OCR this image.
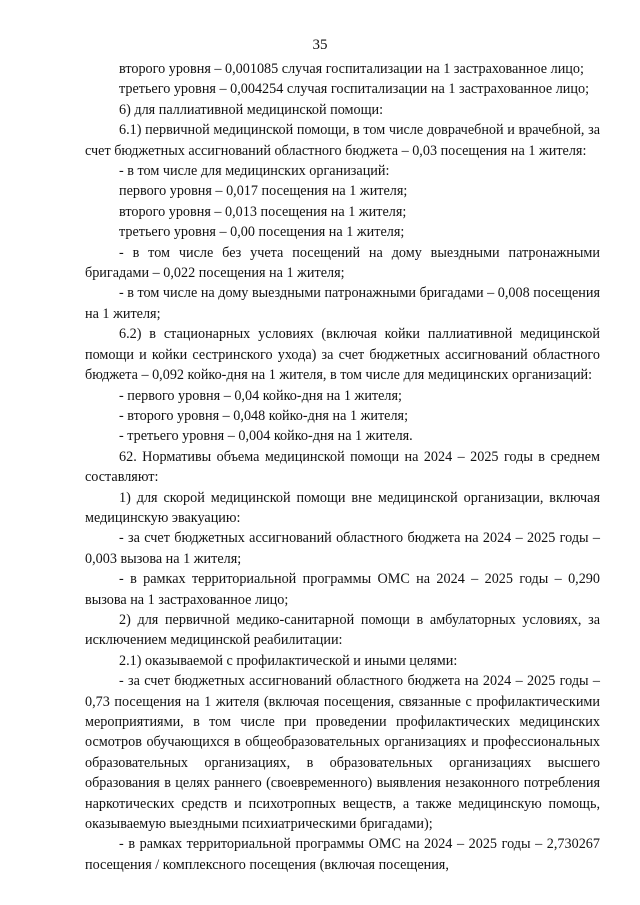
35

второго уровня – 0,001085 случая госпитализации на 1 застрахованное лицо;

третьего уровня – 0,004254 случая госпитализации на 1 застрахованное лицо;

6) для паллиативной медицинской помощи:

6.1) первичной медицинской помощи, в том числе доврачебной и врачебной, за счет бюджетных ассигнований областного бюджета – 0,03 посещения на 1 жителя:

- в том числе для медицинских организаций:

первого уровня – 0,017 посещения на 1 жителя;

второго уровня – 0,013 посещения на 1 жителя;

третьего уровня – 0,00 посещения на 1 жителя;

- в том числе без учета посещений на дому выездными патронажными бригадами – 0,022 посещения на 1 жителя;

- в том числе на дому выездными патронажными бригадами – 0,008 посещения на 1 жителя;

6.2) в стационарных условиях (включая койки паллиативной медицинской помощи и койки сестринского ухода) за счет бюджетных ассигнований областного бюджета – 0,092 койко-дня на 1 жителя, в том числе для медицинских организаций:

- первого уровня – 0,04 койко-дня на 1 жителя;

- второго уровня – 0,048 койко-дня на 1 жителя;

- третьего уровня – 0,004 койко-дня на 1 жителя.

62. Нормативы объема медицинской помощи на 2024 – 2025 годы в среднем составляют:

1) для скорой медицинской помощи вне медицинской организации, включая медицинскую эвакуацию:

- за счет бюджетных ассигнований областного бюджета на 2024 – 2025 годы – 0,003 вызова на 1 жителя;

- в рамках территориальной программы ОМС на 2024 – 2025 годы – 0,290 вызова на 1 застрахованное лицо;

2) для первичной медико-санитарной помощи в амбулаторных условиях, за исключением медицинской реабилитации:

2.1) оказываемой с профилактической и иными целями:

- за счет бюджетных ассигнований областного бюджета на 2024 – 2025 годы – 0,73 посещения на 1 жителя (включая посещения, связанные с профилактическими мероприятиями, в том числе при проведении профилактических медицинских осмотров обучающихся в общеобразовательных организациях и профессиональных образовательных организациях, в образовательных организациях высшего образования в целях раннего (своевременного) выявления незаконного потребления наркотических средств и психотропных веществ, а также медицинскую помощь, оказываемую выездными психиатрическими бригадами);

- в рамках территориальной программы ОМС на 2024 – 2025 годы – 2,730267 посещения / комплексного посещения (включая посещения,
